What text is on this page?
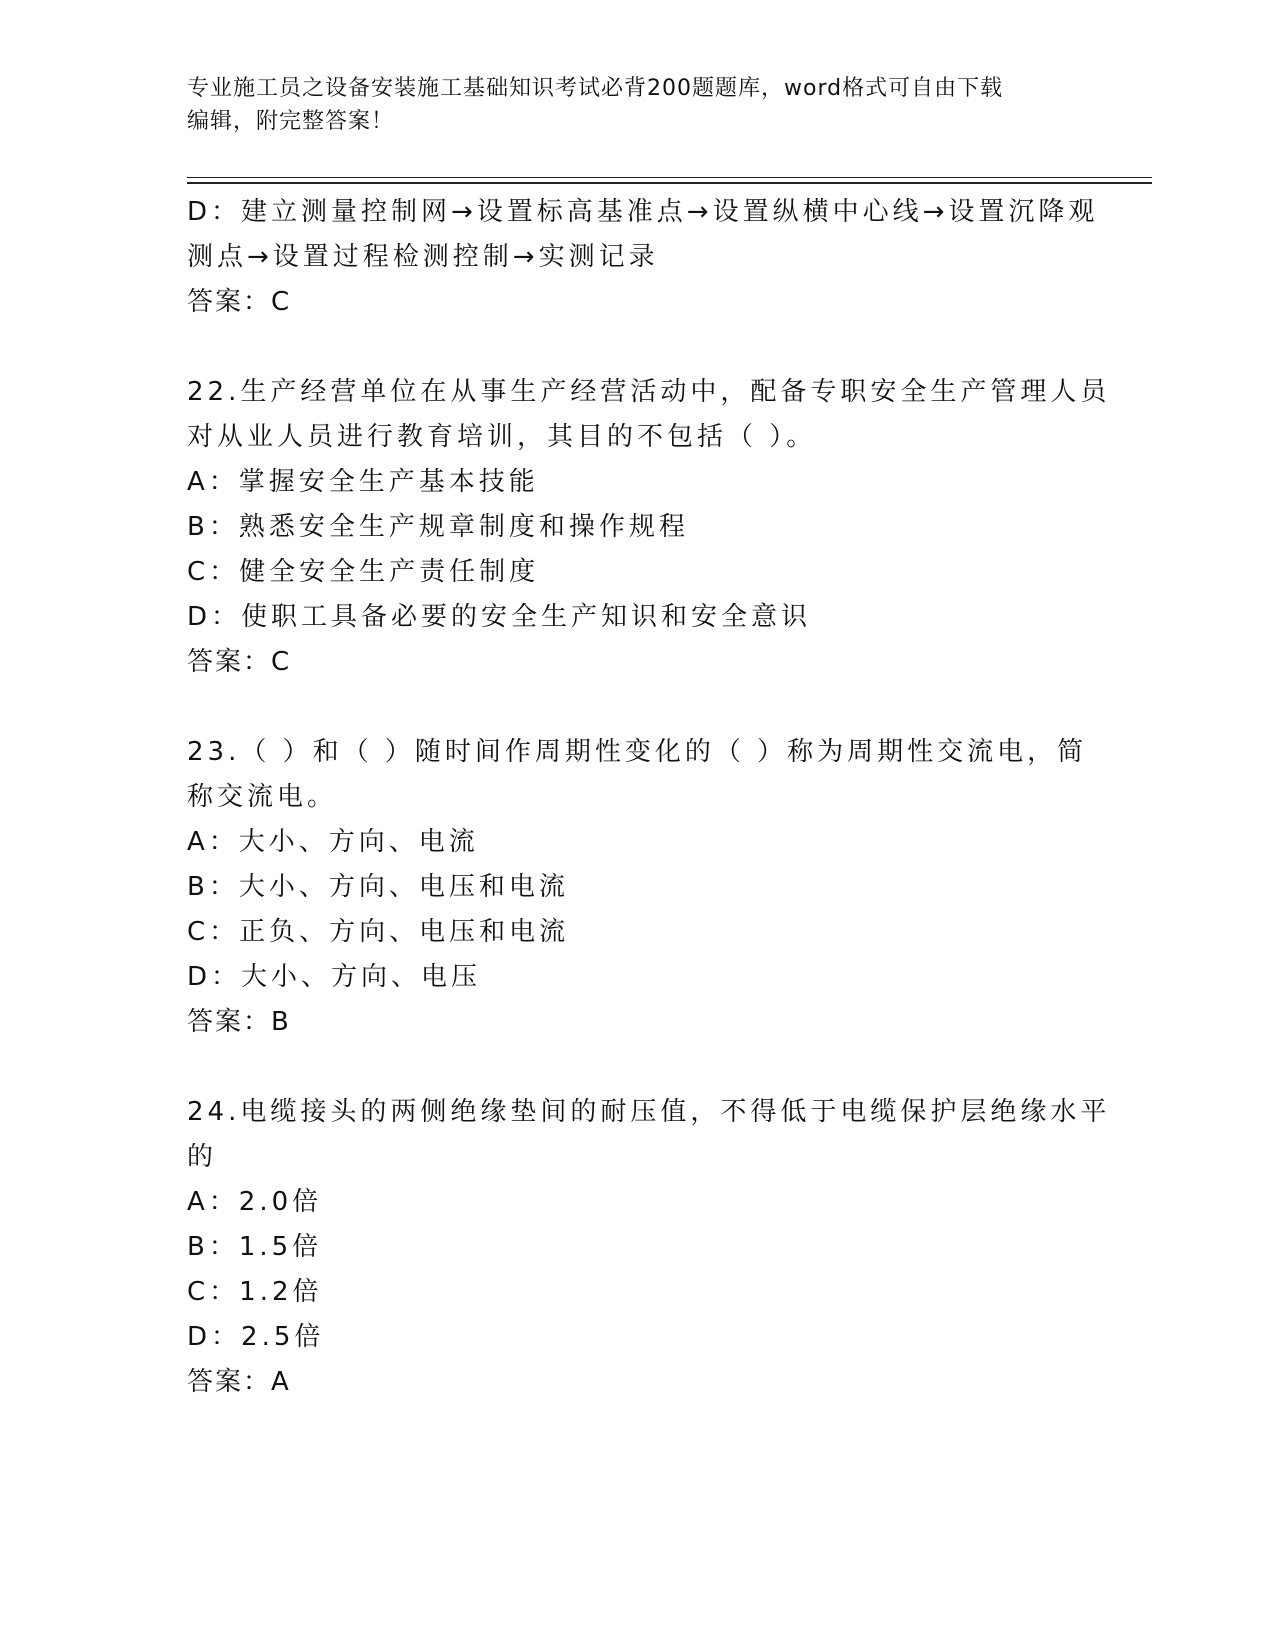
专业施工员之设备安装施工基础知识考试必背200题题库，word格式可自由下载
编辑，附完整答案！
D：建立测量控制网→设置标高基准点→设置纵横中心线→设置沉降观
测点→设置过程检测控制→实测记录
答案：C
22.生产经营单位在从事生产经营活动中，配备专职安全生产管理人员
对从业人员进行教育培训，其目的不包括（ ）。
A：掌握安全生产基本技能
B：熟悉安全生产规章制度和操作规程
C：健全安全生产责任制度
D：使职工具备必要的安全生产知识和安全意识
答案：C
23.（ ）和（ ）随时间作周期性变化的（ ）称为周期性交流电，简
称交流电。
A：大小、方向、电流
B：大小、方向、电压和电流
C：正负、方向、电压和电流
D：大小、方向、电压
答案：B
24.电缆接头的两侧绝缘垫间的耐压值，不得低于电缆保护层绝缘水平
的
A：2.0倍
B：1.5倍
C：1.2倍
D：2.5倍
答案：A
